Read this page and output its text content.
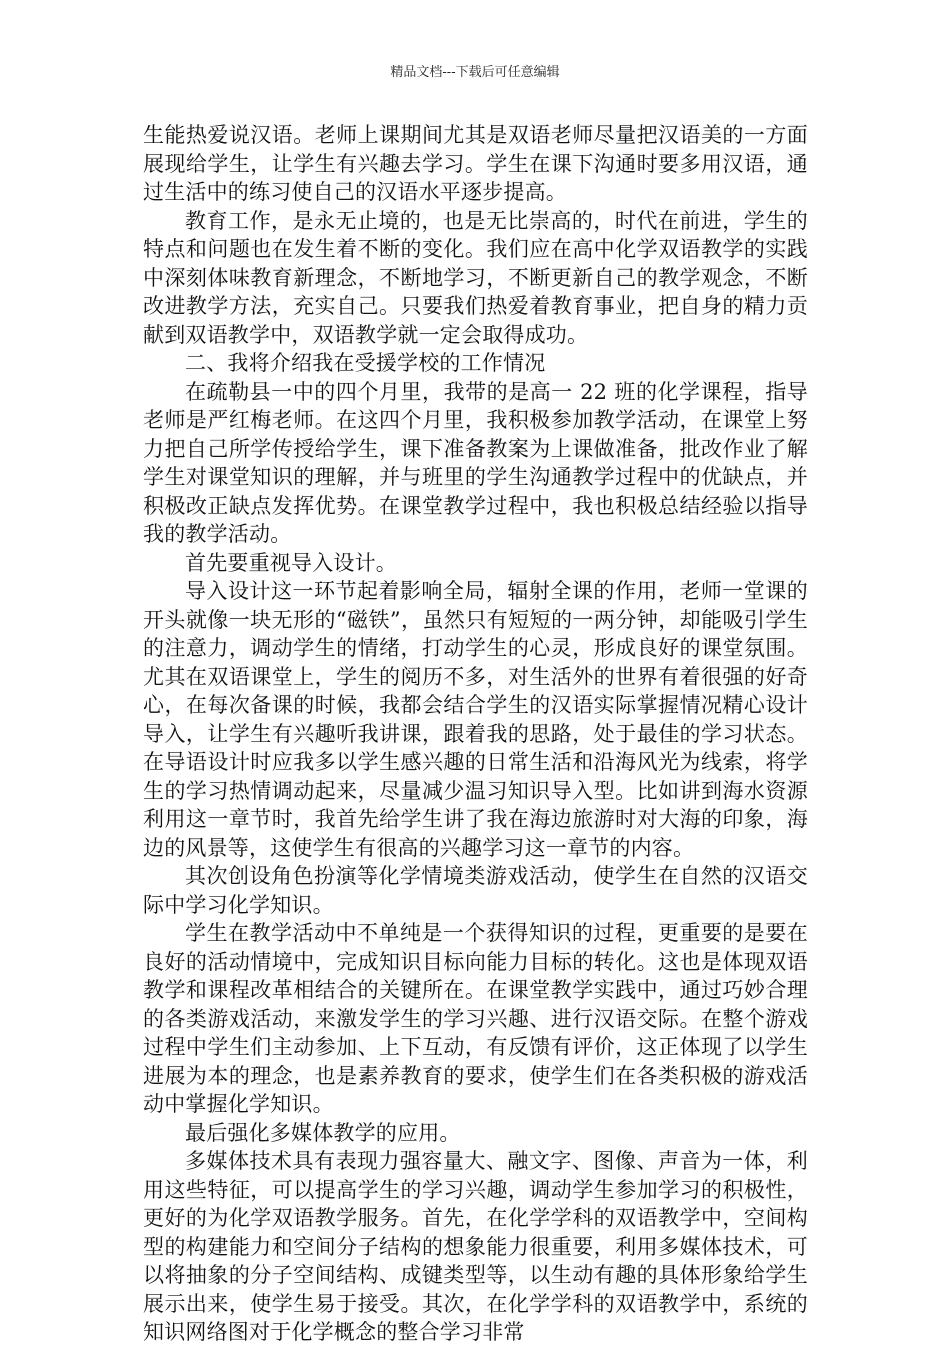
精品文档---下载后可任意编辑

生能热爱说汉语。老师上课期间尤其是双语老师尽量把汉语美的一方面展现给学生，让学生有兴趣去学习。学生在课下沟通时要多用汉语，通过生活中的练习使自己的汉语水平逐步提高。

教育工作，是永无止境的，也是无比崇高的，时代在前进，学生的特点和问题也在发生着不断的变化。我们应在高中化学双语教学的实践中深刻体味教育新理念，不断地学习，不断更新自己的教学观念，不断改进教学方法，充实自己。只要我们热爱着教育事业，把自身的精力贡献到双语教学中，双语教学就一定会取得成功。

二、我将介绍我在受援学校的工作情况

在疏勒县一中的四个月里，我带的是高一 22 班的化学课程，指导老师是严红梅老师。在这四个月里，我积极参加教学活动，在课堂上努力把自己所学传授给学生，课下准备教案为上课做准备，批改作业了解学生对课堂知识的理解，并与班里的学生沟通教学过程中的优缺点，并积极改正缺点发挥优势。在课堂教学过程中，我也积极总结经验以指导我的教学活动。

首先要重视导入设计。

导入设计这一环节起着影响全局，辐射全课的作用，老师一堂课的开头就像一块无形的“磁铁”，虽然只有短短的一两分钟，却能吸引学生的注意力，调动学生的情绪，打动学生的心灵，形成良好的课堂氛围。尤其在双语课堂上，学生的阅历不多，对生活外的世界有着很强的好奇心，在每次备课的时候，我都会结合学生的汉语实际掌握情况精心设计导入，让学生有兴趣听我讲课，跟着我的思路，处于最佳的学习状态。在导语设计时应我多以学生感兴趣的日常生活和沿海风光为线索，将学生的学习热情调动起来，尽量减少温习知识导入型。比如讲到海水资源利用这一章节时，我首先给学生讲了我在海边旅游时对大海的印象，海边的风景等，这使学生有很高的兴趣学习这一章节的内容。

其次创设角色扮演等化学情境类游戏活动，使学生在自然的汉语交际中学习化学知识。

学生在教学活动中不单纯是一个获得知识的过程，更重要的是要在良好的活动情境中，完成知识目标向能力目标的转化。这也是体现双语教学和课程改革相结合的关键所在。在课堂教学实践中，通过巧妙合理的各类游戏活动，来激发学生的学习兴趣、进行汉语交际。在整个游戏过程中学生们主动参加、上下互动，有反馈有评价，这正体现了以学生进展为本的理念，也是素养教育的要求，使学生们在各类积极的游戏活动中掌握化学知识。

最后强化多媒体教学的应用。

多媒体技术具有表现力强容量大、融文字、图像、声音为一体，利用这些特征，可以提高学生的学习兴趣，调动学生参加学习的积极性，更好的为化学双语教学服务。首先，在化学学科的双语教学中，空间构型的构建能力和空间分子结构的想象能力很重要，利用多媒体技术，可以将抽象的分子空间结构、成键类型等，以生动有趣的具体形象给学生展示出来，使学生易于接受。其次，在化学学科的双语教学中，系统的知识网络图对于化学概念的整合学习非常
